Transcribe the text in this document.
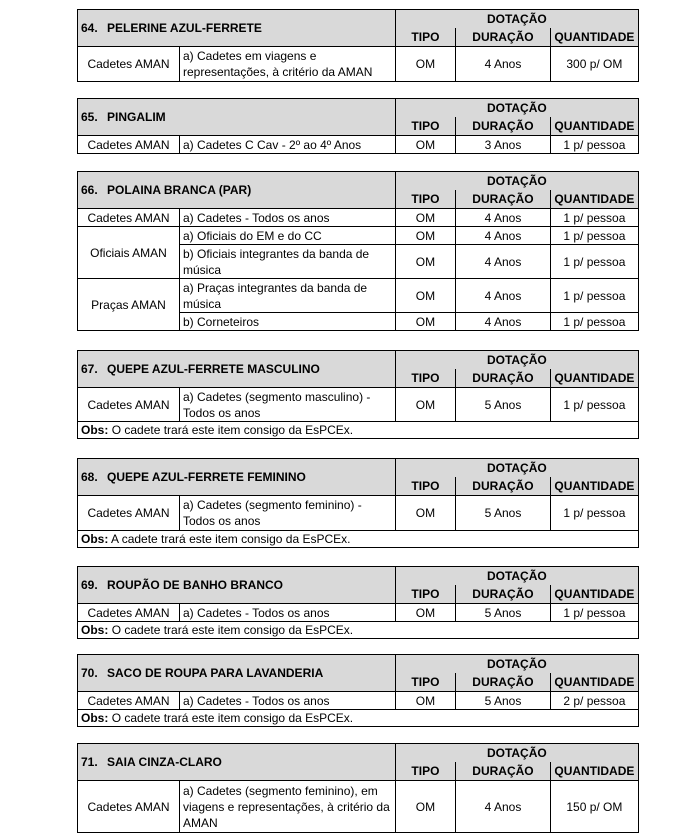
64.	PELERINE AZUL-FERRETE
	DOTAÇÃO
TIPO	DURAÇÃO	QUANTIDADE
Cadetes AMAN	a) Cadetes em viagens e representações, à critério da AMAN	OM	4 Anos	300 p/ OM
65.	PINGALIM
	DOTAÇÃO
TIPO	DURAÇÃO	QUANTIDADE
Cadetes AMAN	a) Cadetes C Cav - 2º ao 4º Anos	OM	3 Anos	1 p/ pessoa
66.	POLAINA BRANCA (PAR)
	DOTAÇÃO
TIPO	DURAÇÃO	QUANTIDADE
Cadetes AMAN	a) Cadetes - Todos os anos	OM	4 Anos	1 p/ pessoa
Oficiais AMAN	a) Oficiais do EM e do CC	OM	4 Anos	1 p/ pessoa
b) Oficiais integrantes da banda de música	OM	4 Anos	1 p/ pessoa
Praças AMAN	a) Praças integrantes da banda de música	OM	4 Anos	1 p/ pessoa
b) Corneteiros	OM	4 Anos	1 p/ pessoa
67.	QUEPE AZUL-FERRETE MASCULINO
	DOTAÇÃO
TIPO	DURAÇÃO	QUANTIDADE
Cadetes AMAN	a) Cadetes (segmento masculino) - Todos os anos	OM	5 Anos	1 p/ pessoa
Obs: O cadete trará este item consigo da EsPCEx.
68.	QUEPE AZUL-FERRETE FEMININO
	DOTAÇÃO
TIPO	DURAÇÃO	QUANTIDADE
Cadetes AMAN	a) Cadetes (segmento feminino) - Todos os anos	OM	5 Anos	1 p/ pessoa
Obs: A cadete trará este item consigo da EsPCEx.
69.	ROUPÃO DE BANHO BRANCO
	DOTAÇÃO
TIPO	DURAÇÃO	QUANTIDADE
Cadetes AMAN	a) Cadetes - Todos os anos	OM	5 Anos	1 p/ pessoa
Obs: O cadete trará este item consigo da EsPCEx.
70.	SACO DE ROUPA PARA LAVANDERIA
	DOTAÇÃO
TIPO	DURAÇÃO	QUANTIDADE
Cadetes AMAN	a) Cadetes - Todos os anos	OM	5 Anos	2 p/ pessoa
Obs: O cadete trará este item consigo da EsPCEx.
71.	SAIA CINZA-CLARO
	DOTAÇÃO
TIPO	DURAÇÃO	QUANTIDADE
Cadetes AMAN	a) Cadetes (segmento feminino), em viagens e representações, à critério da AMAN	OM	4 Anos	150 p/ OM
